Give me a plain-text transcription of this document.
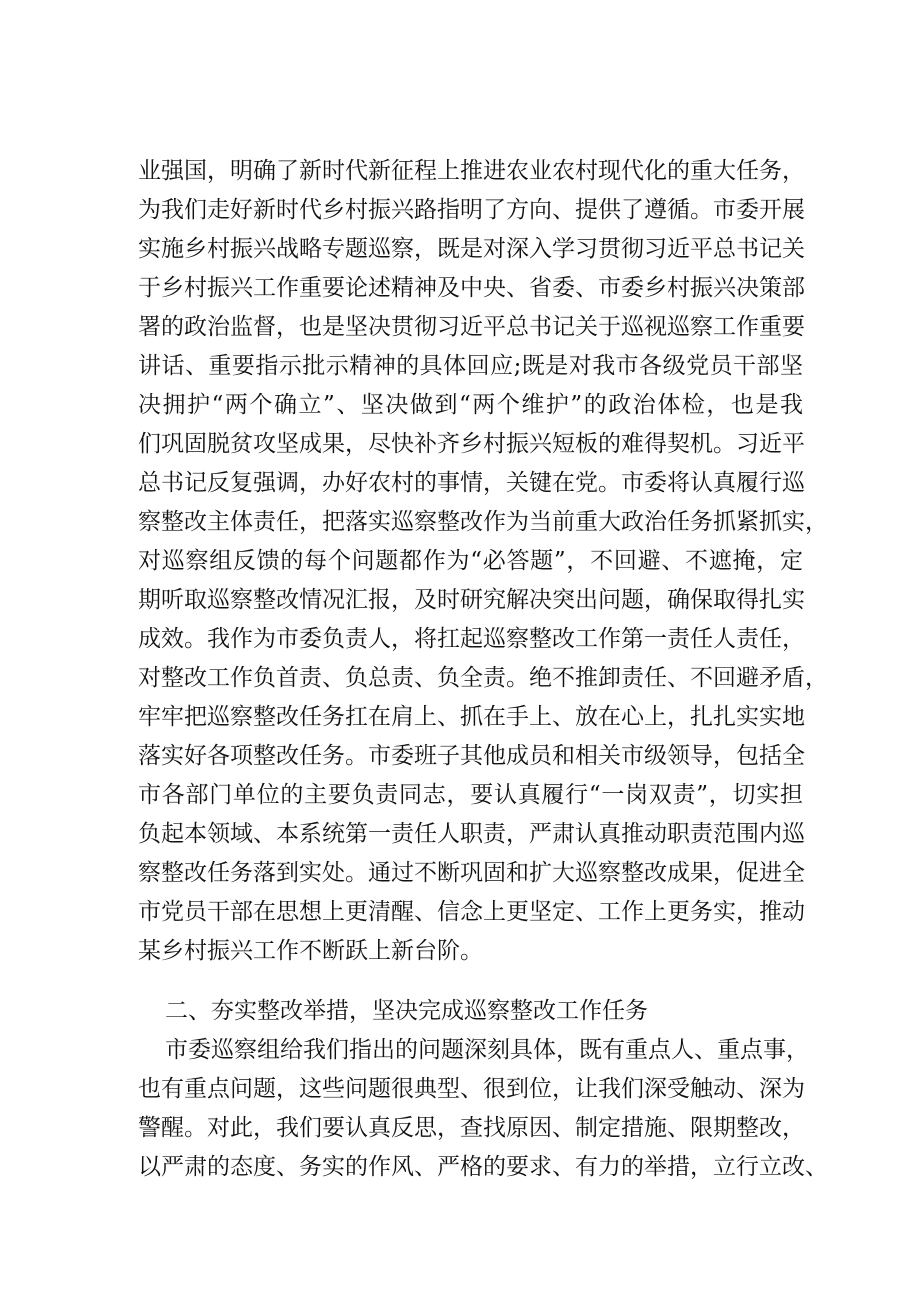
业强国，明确了新时代新征程上推进农业农村现代化的重大任务，
为我们走好新时代乡村振兴路指明了方向、提供了遵循。市委开展
实施乡村振兴战略专题巡察，既是对深入学习贯彻习近平总书记关
于乡村振兴工作重要论述精神及中央、省委、市委乡村振兴决策部
署的政治监督，也是坚决贯彻习近平总书记关于巡视巡察工作重要
讲话、重要指示批示精神的具体回应;既是对我市各级党员干部坚
决拥护“两个确立”、坚决做到“两个维护”的政治体检，也是我
们巩固脱贫攻坚成果，尽快补齐乡村振兴短板的难得契机。习近平
总书记反复强调，办好农村的事情，关键在党。市委将认真履行巡
察整改主体责任，把落实巡察整改作为当前重大政治任务抓紧抓实，
对巡察组反馈的每个问题都作为“必答题”，不回避、不遮掩，定
期听取巡察整改情况汇报，及时研究解决突出问题，确保取得扎实
成效。我作为市委负责人，将扛起巡察整改工作第一责任人责任，
对整改工作负首责、负总责、负全责。绝不推卸责任、不回避矛盾，
牢牢把巡察整改任务扛在肩上、抓在手上、放在心上，扎扎实实地
落实好各项整改任务。市委班子其他成员和相关市级领导，包括全
市各部门单位的主要负责同志，要认真履行“一岗双责”，切实担
负起本领域、本系统第一责任人职责，严肃认真推动职责范围内巡
察整改任务落到实处。通过不断巩固和扩大巡察整改成果，促进全
市党员干部在思想上更清醒、信念上更坚定、工作上更务实，推动
某乡村振兴工作不断跃上新台阶。
二、夯实整改举措，坚决完成巡察整改工作任务
市委巡察组给我们指出的问题深刻具体，既有重点人、重点事，
也有重点问题，这些问题很典型、很到位，让我们深受触动、深为
警醒。对此，我们要认真反思，查找原因、制定措施、限期整改，
以严肃的态度、务实的作风、严格的要求、有力的举措，立行立改、
